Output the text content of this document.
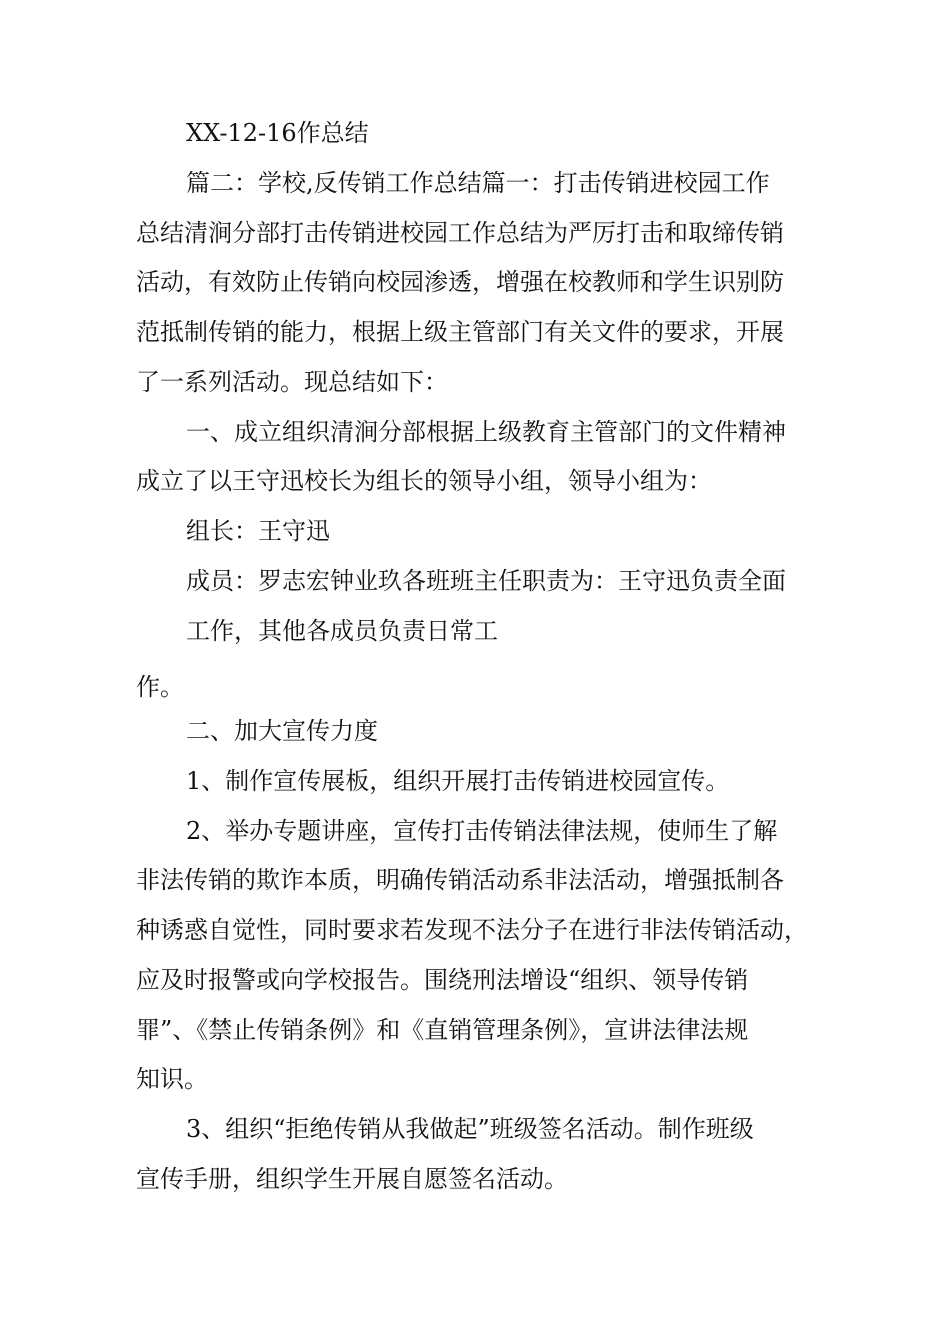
XX-12-16作总结

篇二：学校,反传销工作总结篇一：打击传销进校园工作

总结清涧分部打击传销进校园工作总结为严厉打击和取缔传销

活动，有效防止传销向校园渗透，增强在校教师和学生识别防

范抵制传销的能力，根据上级主管部门有关文件的要求，开展

了一系列活动。现总结如下：

一、成立组织清涧分部根据上级教育主管部门的文件精神

成立了以王守迅校长为组长的领导小组，领导小组为：

组长：王守迅

成员：罗志宏钟业玖各班班主任职责为：王守迅负责全面

工作，其他各成员负责日常工

作。

二、加大宣传力度

1、制作宣传展板，组织开展打击传销进校园宣传。

2、举办专题讲座，宣传打击传销法律法规，使师生了解

非法传销的欺诈本质，明确传销活动系非法活动，增强抵制各

种诱惑自觉性，同时要求若发现不法分子在进行非法传销活动，

应及时报警或向学校报告。围绕刑法增设“组织、领导传销

罪”、《禁止传销条例》和《直销管理条例》，宣讲法律法规

知识。

3、组织“拒绝传销从我做起”班级签名活动。制作班级

宣传手册，组织学生开展自愿签名活动。
